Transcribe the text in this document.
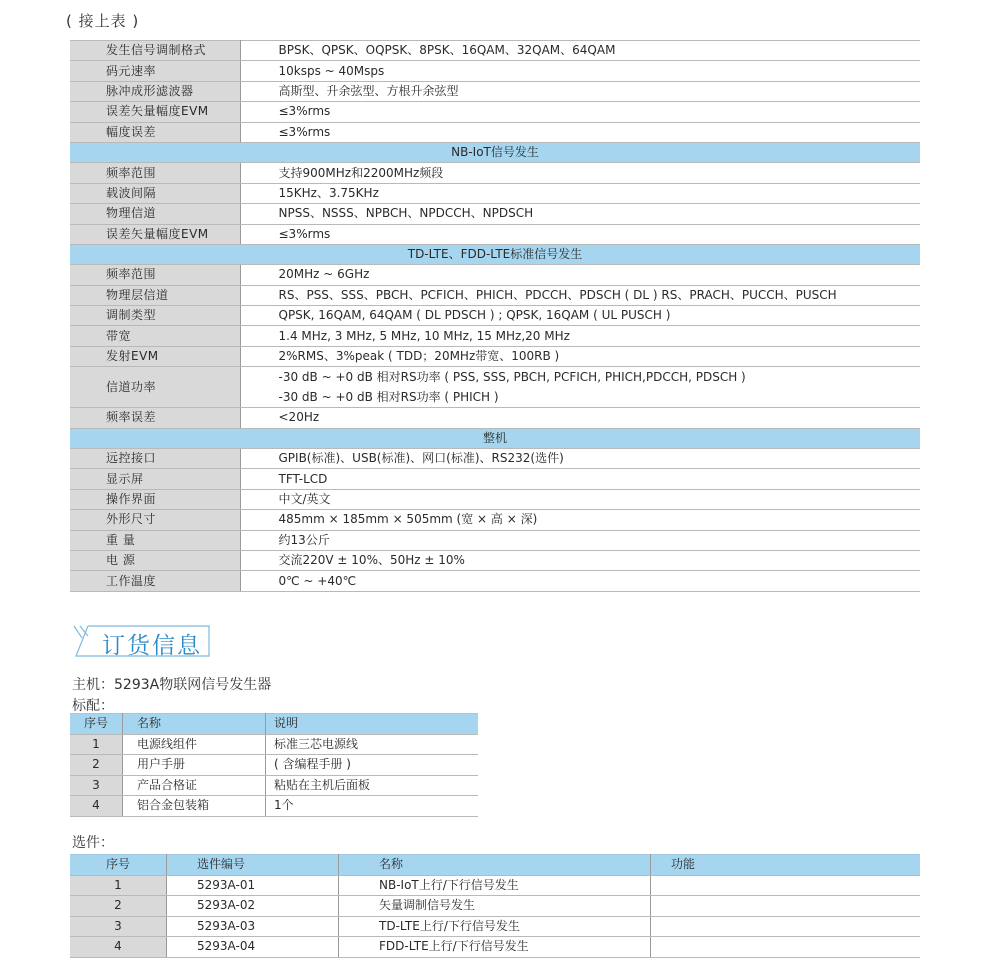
( 接上表 )
发生信号调制格式	BPSK、QPSK、OQPSK、8PSK、16QAM、32QAM、64QAM
码元速率	10ksps ~ 40Msps
脉冲成形滤波器	高斯型、升余弦型、方根升余弦型
误差矢量幅度EVM	≤3%rms
幅度误差	≤3%rms
NB-IoT信号发生	
频率范围	支持900MHz和2200MHz频段
载波间隔	15KHz、3.75KHz
物理信道	NPSS、NSSS、NPBCH、NPDCCH、NPDSCH
误差矢量幅度EVM	≤3%rms
TD-LTE、FDD-LTE标准信号发生	
频率范围	20MHz ~ 6GHz
物理层信道	RS、PSS、SSS、PBCH、PCFICH、PHICH、PDCCH、PDSCH ( DL ) RS、PRACH、PUCCH、PUSCH
调制类型	QPSK, 16QAM, 64QAM ( DL PDSCH ) ; QPSK, 16QAM ( UL PUSCH )
带宽	1.4 MHz, 3 MHz, 5 MHz, 10 MHz, 15 MHz,20 MHz
发射EVM	2%RMS、3%peak ( TDD；20MHz带宽、100RB )
信道功率	-30 dB ~ +0 dB 相对RS功率 ( PSS, SSS, PBCH, PCFICH, PHICH,PDCCH, PDSCH )
-30 dB ~ +0 dB 相对RS功率 ( PHICH )

频率误差	<20Hz
整机	
远控接口	GPIB(标准)、USB(标准)、网口(标准)、RS232(选件)
显示屏	TFT-LCD
操作界面	中文/英文
外形尺寸	485mm × 185mm × 505mm (宽 × 高 × 深)
重 量	约13公斤
电 源	交流220V ± 10%、50Hz ± 10%
工作温度	0℃ ~ +40℃
订货信息
主机：5293A物联网信号发生器
标配：
序号	名称	说明
1	电源线组件	标准三芯电源线
2	用户手册	( 含编程手册 )
3	产品合格证	粘贴在主机后面板
4	铝合金包装箱	1个
选件：
序号	选件编号	名称	功能
1	5293A-01	NB-IoT上行/下行信号发生	
2	5293A-02	矢量调制信号发生	
3	5293A-03	TD-LTE上行/下行信号发生	
4	5293A-04	FDD-LTE上行/下行信号发生	
